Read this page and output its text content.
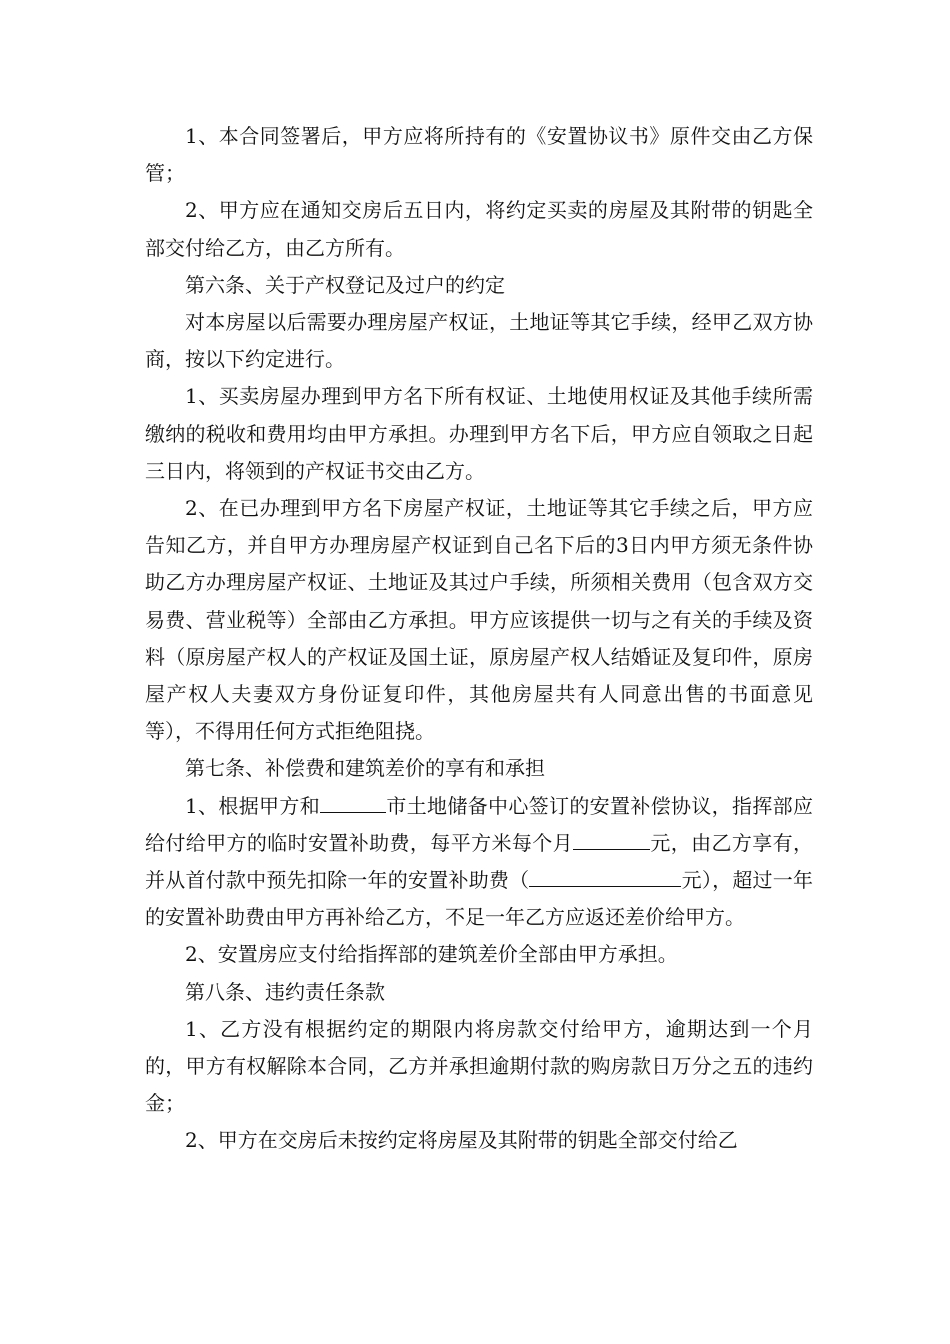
1、本合同签署后，甲方应将所持有的《安置协议书》原件交由乙方保管；

2、甲方应在通知交房后五日内，将约定买卖的房屋及其附带的钥匙全部交付给乙方，由乙方所有。

第六条、关于产权登记及过户的约定

对本房屋以后需要办理房屋产权证，土地证等其它手续，经甲乙双方协商，按以下约定进行。

1、买卖房屋办理到甲方名下所有权证、土地使用权证及其他手续所需缴纳的税收和费用均由甲方承担。办理到甲方名下后，甲方应自领取之日起三日内，将领到的产权证书交由乙方。

2、在已办理到甲方名下房屋产权证，土地证等其它手续之后，甲方应告知乙方，并自甲方办理房屋产权证到自己名下后的3日内甲方须无条件协助乙方办理房屋产权证、土地证及其过户手续，所须相关费用（包含双方交易费、营业税等）全部由乙方承担。甲方应该提供一切与之有关的手续及资料（原房屋产权人的产权证及国土证，原房屋产权人结婚证及复印件，原房屋产权人夫妻双方身份证复印件，其他房屋共有人同意出售的书面意见等），不得用任何方式拒绝阻挠。

第七条、补偿费和建筑差价的享有和承担

1、根据甲方和	市土地储备中心签订的安置补偿协议，指挥部应给付给甲方的临时安置补助费，每平方米每个月	元，由乙方享有，并从首付款中预先扣除一年的安置补助费（	元），超过一年的安置补助费由甲方再补给乙方，不足一年乙方应返还差价给甲方。

2、安置房应支付给指挥部的建筑差价全部由甲方承担。

第八条、违约责任条款

1、乙方没有根据约定的期限内将房款交付给甲方，逾期达到一个月的，甲方有权解除本合同，乙方并承担逾期付款的购房款日万分之五的违约金；

2、甲方在交房后未按约定将房屋及其附带的钥匙全部交付给乙
